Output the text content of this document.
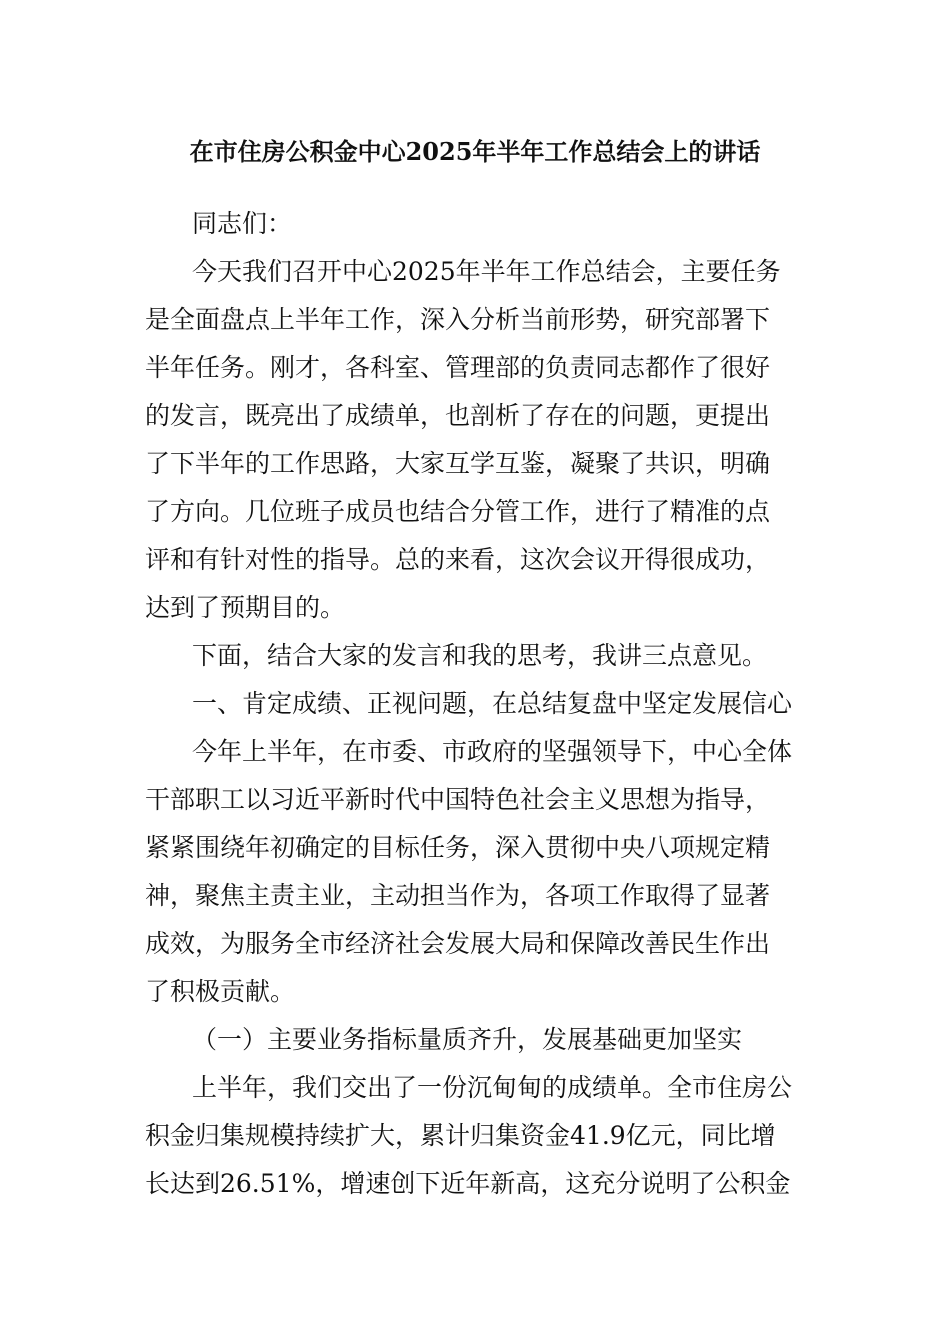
在市住房公积金中心2025年半年工作总结会上的讲话
同志们：
今天我们召开中心2025年半年工作总结会，主要任务
是全面盘点上半年工作，深入分析当前形势，研究部署下
半年任务。刚才，各科室、管理部的负责同志都作了很好
的发言，既亮出了成绩单，也剖析了存在的问题，更提出
了下半年的工作思路，大家互学互鉴，凝聚了共识，明确
了方向。几位班子成员也结合分管工作，进行了精准的点
评和有针对性的指导。总的来看，这次会议开得很成功，
达到了预期目的。
下面，结合大家的发言和我的思考，我讲三点意见。
一、肯定成绩、正视问题，在总结复盘中坚定发展信心
今年上半年，在市委、市政府的坚强领导下，中心全体
干部职工以习近平新时代中国特色社会主义思想为指导，
紧紧围绕年初确定的目标任务，深入贯彻中央八项规定精
神，聚焦主责主业，主动担当作为，各项工作取得了显著
成效，为服务全市经济社会发展大局和保障改善民生作出
了积极贡献。
（一）主要业务指标量质齐升，发展基础更加坚实
上半年，我们交出了一份沉甸甸的成绩单。全市住房公
积金归集规模持续扩大，累计归集资金41.9亿元，同比增
长达到26.51%，增速创下近年新高，这充分说明了公积金
